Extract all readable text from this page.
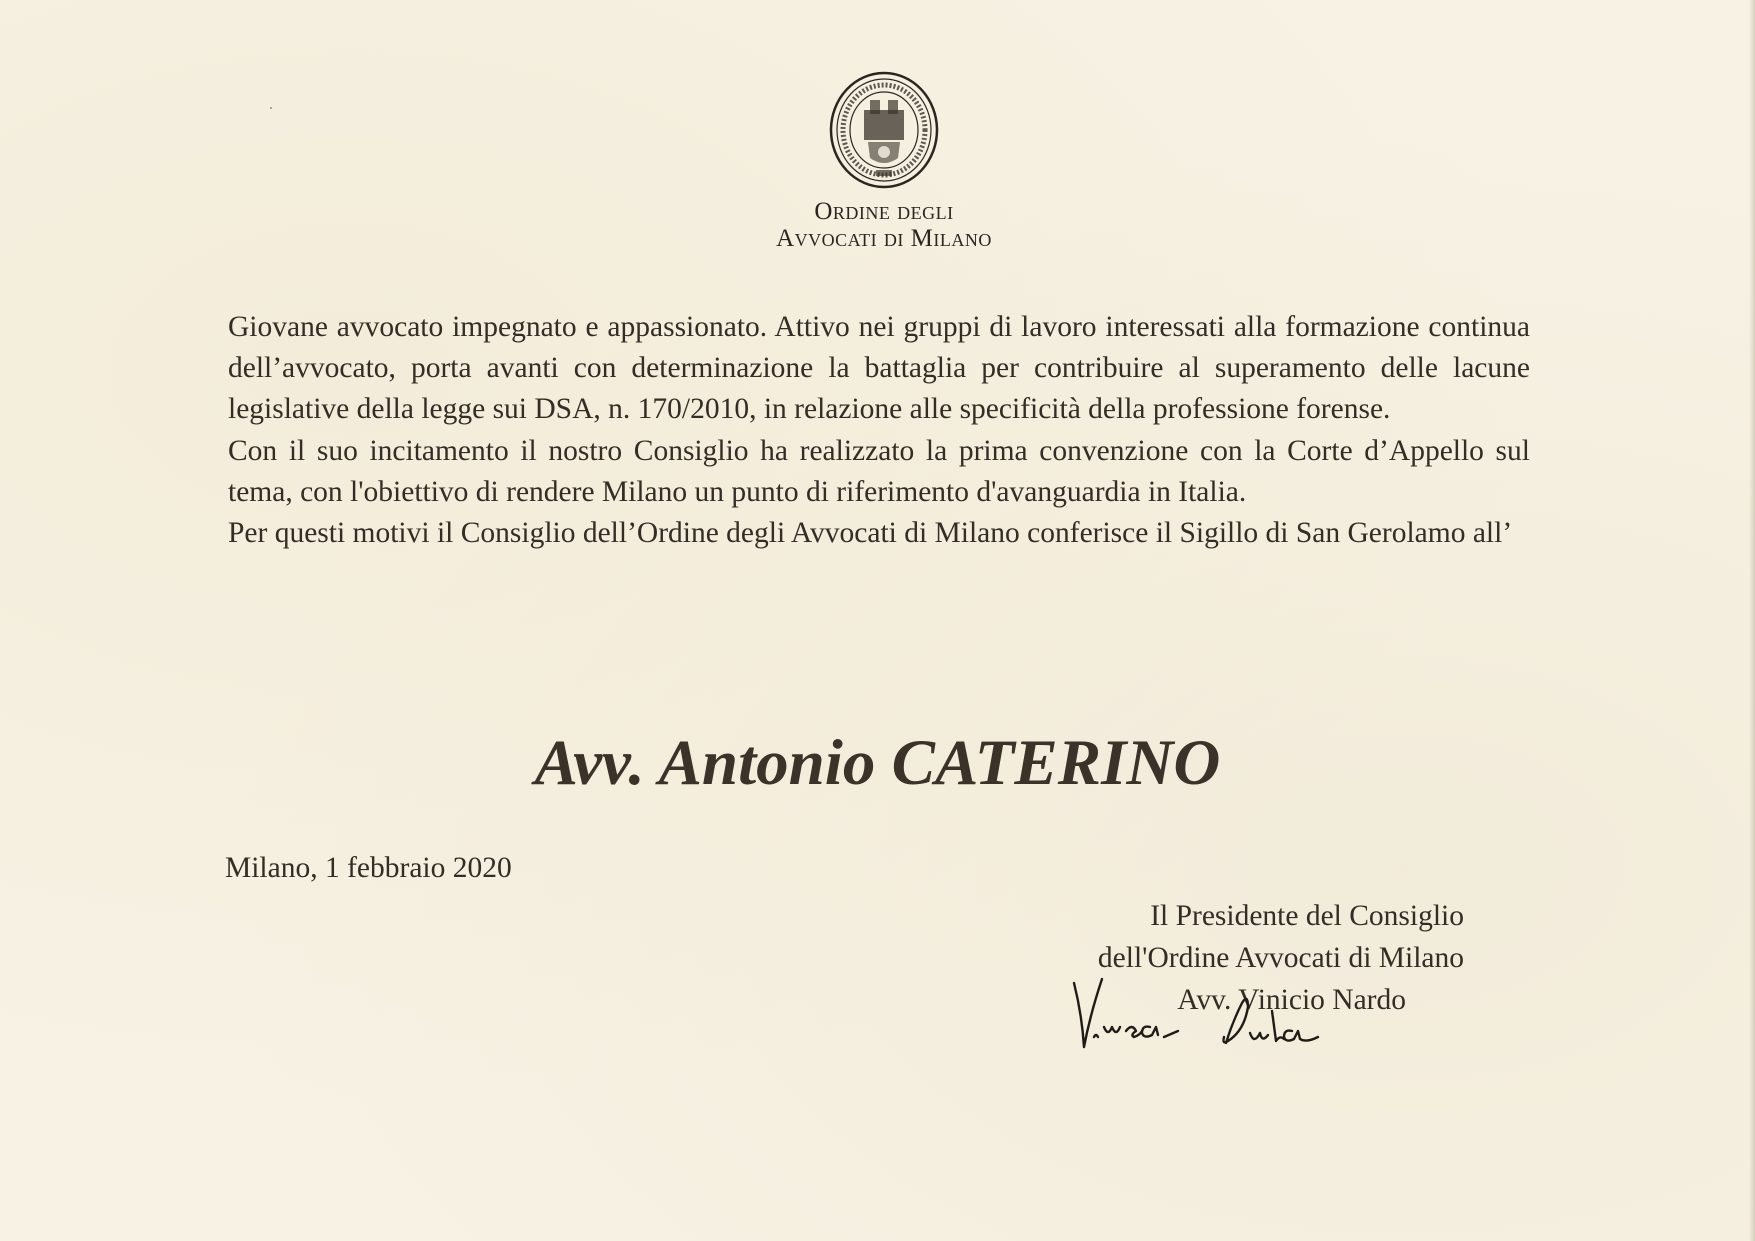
Ordine degli
Avvocati di Milano

Giovane avvocato impegnato e appassionato. Attivo nei gruppi di lavoro interessati alla formazione continua dell’avvocato, porta avanti con determinazione la battaglia per contribuire al superamento delle lacune legislative della legge sui DSA, n. 170/2010, in relazione alle specificità della professione forense.

Con il suo incitamento il nostro Consiglio ha realizzato la prima convenzione con la Corte d’Appello sul tema, con l'obiettivo di rendere Milano un punto di riferimento d'avanguardia in Italia.

Per questi motivi il Consiglio dell’Ordine degli Avvocati di Milano conferisce il Sigillo di San Gerolamo all’

Avv. Antonio CATERINO
Milano, 1 febbraio 2020
Il Presidente del Consiglio
dell'Ordine Avvocati di Milano
Avv. Vinicio Nardo
